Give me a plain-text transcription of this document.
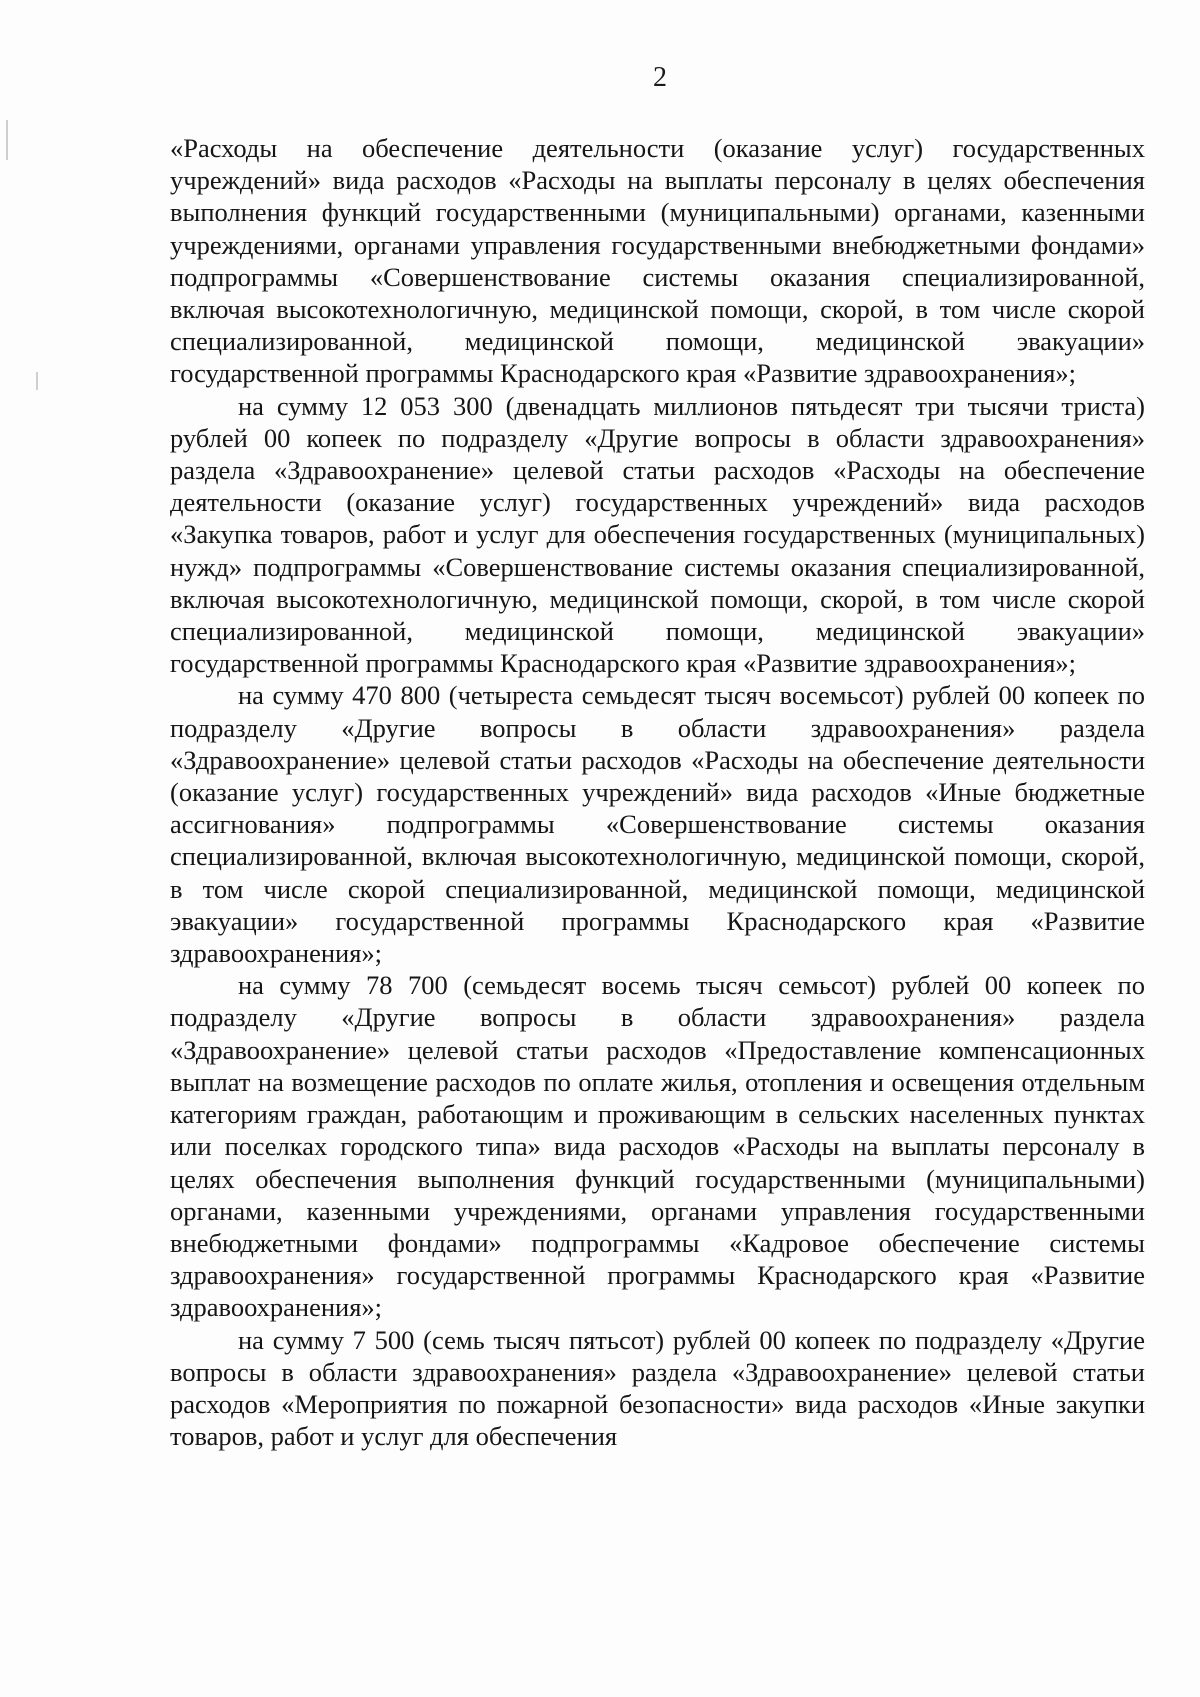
2

«Расходы на обеспечение деятельности (оказание услуг) государственных учреждений» вида расходов «Расходы на выплаты персоналу в целях обеспечения выполнения функций государственными (муниципальными) органами, казенными учреждениями, органами управления государственными внебюджетными фондами» подпрограммы «Совершенствование системы оказания специализированной, включая высокотехнологичную, медицинской помощи, скорой, в том числе скорой специализированной, медицинской помощи, медицинской эвакуации» государственной программы Краснодарского края «Развитие здравоохранения»;

на сумму 12 053 300 (двенадцать миллионов пятьдесят три тысячи триста) рублей 00 копеек по подразделу «Другие вопросы в области здравоохранения» раздела «Здравоохранение» целевой статьи расходов «Расходы на обеспечение деятельности (оказание услуг) государственных учреждений» вида расходов «Закупка товаров, работ и услуг для обеспечения государственных (муниципальных) нужд» подпрограммы «Совершенствование системы оказания специализированной, включая высокотехнологичную, медицинской помощи, скорой, в том числе скорой специализированной, медицинской помощи, медицинской эвакуации» государственной программы Краснодарского края «Развитие здравоохранения»;

на сумму 470 800 (четыреста семьдесят тысяч восемьсот) рублей 00 копеек по подразделу «Другие вопросы в области здравоохранения» раздела «Здравоохранение» целевой статьи расходов «Расходы на обеспечение деятельности (оказание услуг) государственных учреждений» вида расходов «Иные бюджетные ассигнования» подпрограммы «Совершенствование системы оказания специализированной, включая высокотехнологичную, медицинской помощи, скорой, в том числе скорой специализированной, медицинской помощи, медицинской эвакуации» государственной программы Краснодарского края «Развитие здравоохранения»;

на сумму 78 700 (семьдесят восемь тысяч семьсот) рублей 00 копеек по подразделу «Другие вопросы в области здравоохранения» раздела «Здравоохранение» целевой статьи расходов «Предоставление компенсационных выплат на возмещение расходов по оплате жилья, отопления и освещения отдельным категориям граждан, работающим и проживающим в сельских населенных пунктах или поселках городского типа» вида расходов «Расходы на выплаты персоналу в целях обеспечения выполнения функций государственными (муниципальными) органами, казенными учреждениями, органами управления государственными внебюджетными фондами» подпрограммы «Кадровое обеспечение системы здравоохранения» государственной программы Краснодарского края «Развитие здравоохранения»;

на сумму 7 500 (семь тысяч пятьсот) рублей 00 копеек по подразделу «Другие вопросы в области здравоохранения» раздела «Здравоохранение» целевой статьи расходов «Мероприятия по пожарной безопасности» вида расходов «Иные закупки товаров, работ и услуг для обеспечения
